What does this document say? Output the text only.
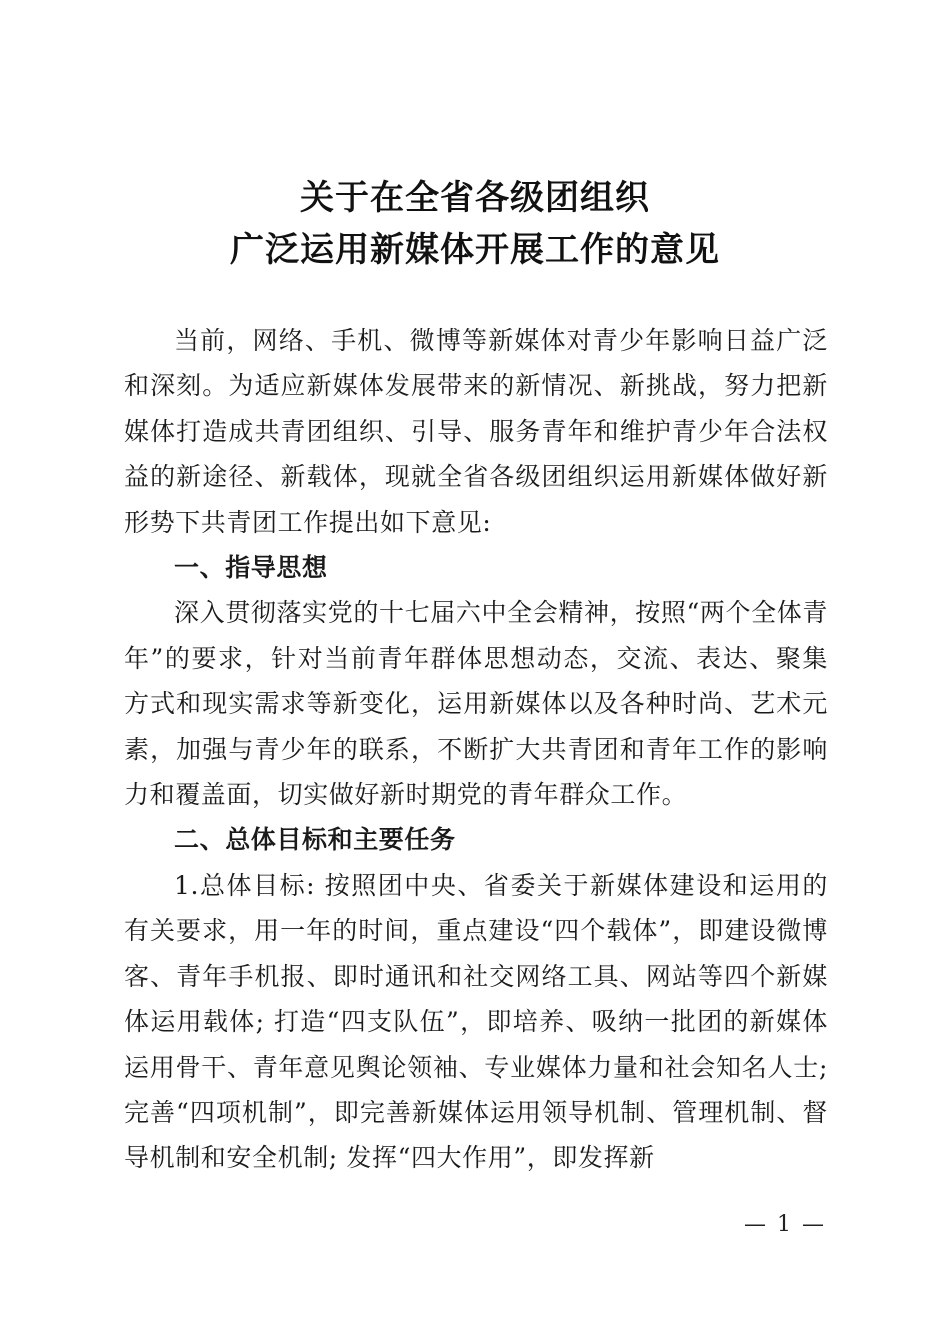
关于在全省各级团组织
广泛运用新媒体开展工作的意见

当前，网络、手机、微博等新媒体对青少年影响日益广泛和深刻。为适应新媒体发展带来的新情况、新挑战，努力把新媒体打造成共青团组织、引导、服务青年和维护青少年合法权益的新途径、新载体，现就全省各级团组织运用新媒体做好新形势下共青团工作提出如下意见:

一、指导思想

深入贯彻落实党的十七届六中全会精神，按照“两个全体青年”的要求，针对当前青年群体思想动态，交流、表达、聚集方式和现实需求等新变化，运用新媒体以及各种时尚、艺术元素，加强与青少年的联系，不断扩大共青团和青年工作的影响力和覆盖面，切实做好新时期党的青年群众工作。

二、总体目标和主要任务

1.总体目标: 按照团中央、省委关于新媒体建设和运用的有关要求，用一年的时间，重点建设“四个载体”，即建设微博客、青年手机报、即时通讯和社交网络工具、网站等四个新媒体运用载体; 打造“四支队伍”，即培养、吸纳一批团的新媒体运用骨干、青年意见舆论领袖、专业媒体力量和社会知名人士; 完善“四项机制”，即完善新媒体运用领导机制、管理机制、督导机制和安全机制; 发挥“四大作用”，即发挥新

— 1 —
